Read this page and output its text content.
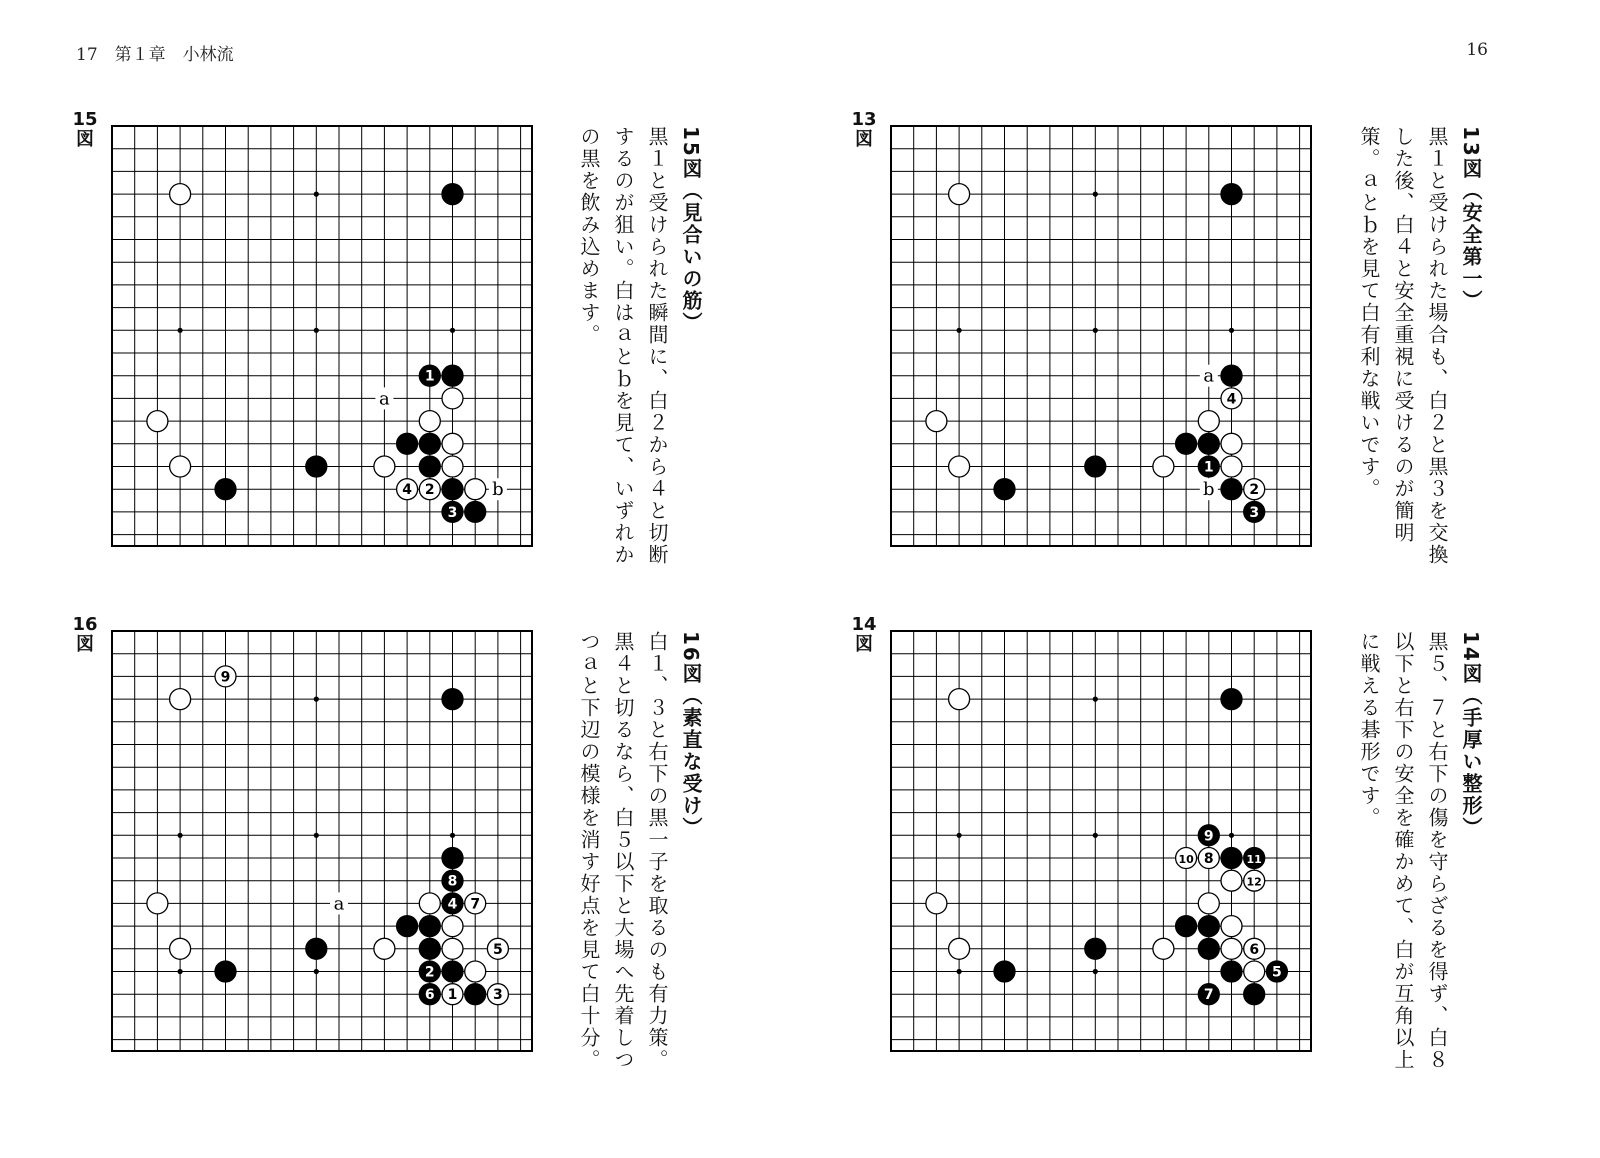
17　第１章　小林流	16
15
図
a
b
1
4 2
3

15図（見合いの筋）

黒１と受けられた瞬間に、白２から４と切断するのが狙い。白はａとｂを見て、いずれかの黒を飲み込めます。

13
図
a
b
4
1
2
3

13図（安全第一）

黒１と受けられた場合も、白２と黒３を交換した後、白４と安全重視に受けるのが簡明策。ａとｂを見て白有利な戦いです。

16
図
a
9
8
4 7
5
2
6 1	3

16図（素直な受け）

白１、３と右下の黒一子を取るのも有力策。黒４と切るなら、白５以下と大場へ先着しつつａと下辺の模様を消す好点を見て白十分。

14
図
9
10 8	11
12
6
5
7

14図（手厚い整形）

黒５、７と右下の傷を守らざるを得ず、白８以下と右下の安全を確かめて、白が互角以上に戦える碁形です。
